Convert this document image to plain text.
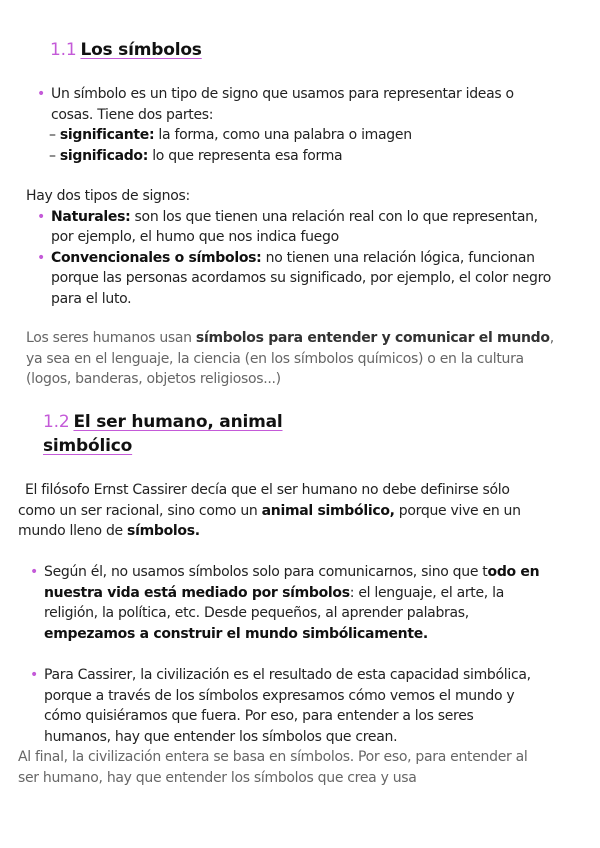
1.1 Los símbolos
• Un símbolo es un tipo de signo que usamos para representar ideas o cosas. Tiene dos partes:
– significante: la forma, como una palabra o imagen
– significado: lo que representa esa forma

Hay dos tipos de signos:

• Naturales: son los que tienen una relación real con lo que representan, por ejemplo, el humo que nos indica fuego
• Convencionales o símbolos: no tienen una relación lógica, funcionan porque las personas acordamos su significado, por ejemplo, el color negro para el luto.
Los seres humanos usan símbolos para entender y comunicar el mundo, ya sea en el lenguaje, la ciencia (en los símbolos químicos) o en la cultura (logos, banderas, objetos religiosos...)
1.2 El ser humano, animal simbólico
El filósofo Ernst Cassirer decía que el ser humano no debe definirse sólo como un ser racional, sino como un animal simbólico, porque vive en un mundo lleno de símbolos.
• Según él, no usamos símbolos solo para comunicarnos, sino que todo en nuestra vida está mediado por símbolos: el lenguaje, el arte, la religión, la política, etc. Desde pequeños, al aprender palabras, empezamos a construir el mundo simbólicamente.
• Para Cassirer, la civilización es el resultado de esta capacidad simbólica, porque a través de los símbolos expresamos cómo vemos el mundo y cómo quisiéramos que fuera. Por eso, para entender a los seres humanos, hay que entender los símbolos que crean.
Al final, la civilización entera se basa en símbolos. Por eso, para entender al ser humano, hay que entender los símbolos que crea y usa
